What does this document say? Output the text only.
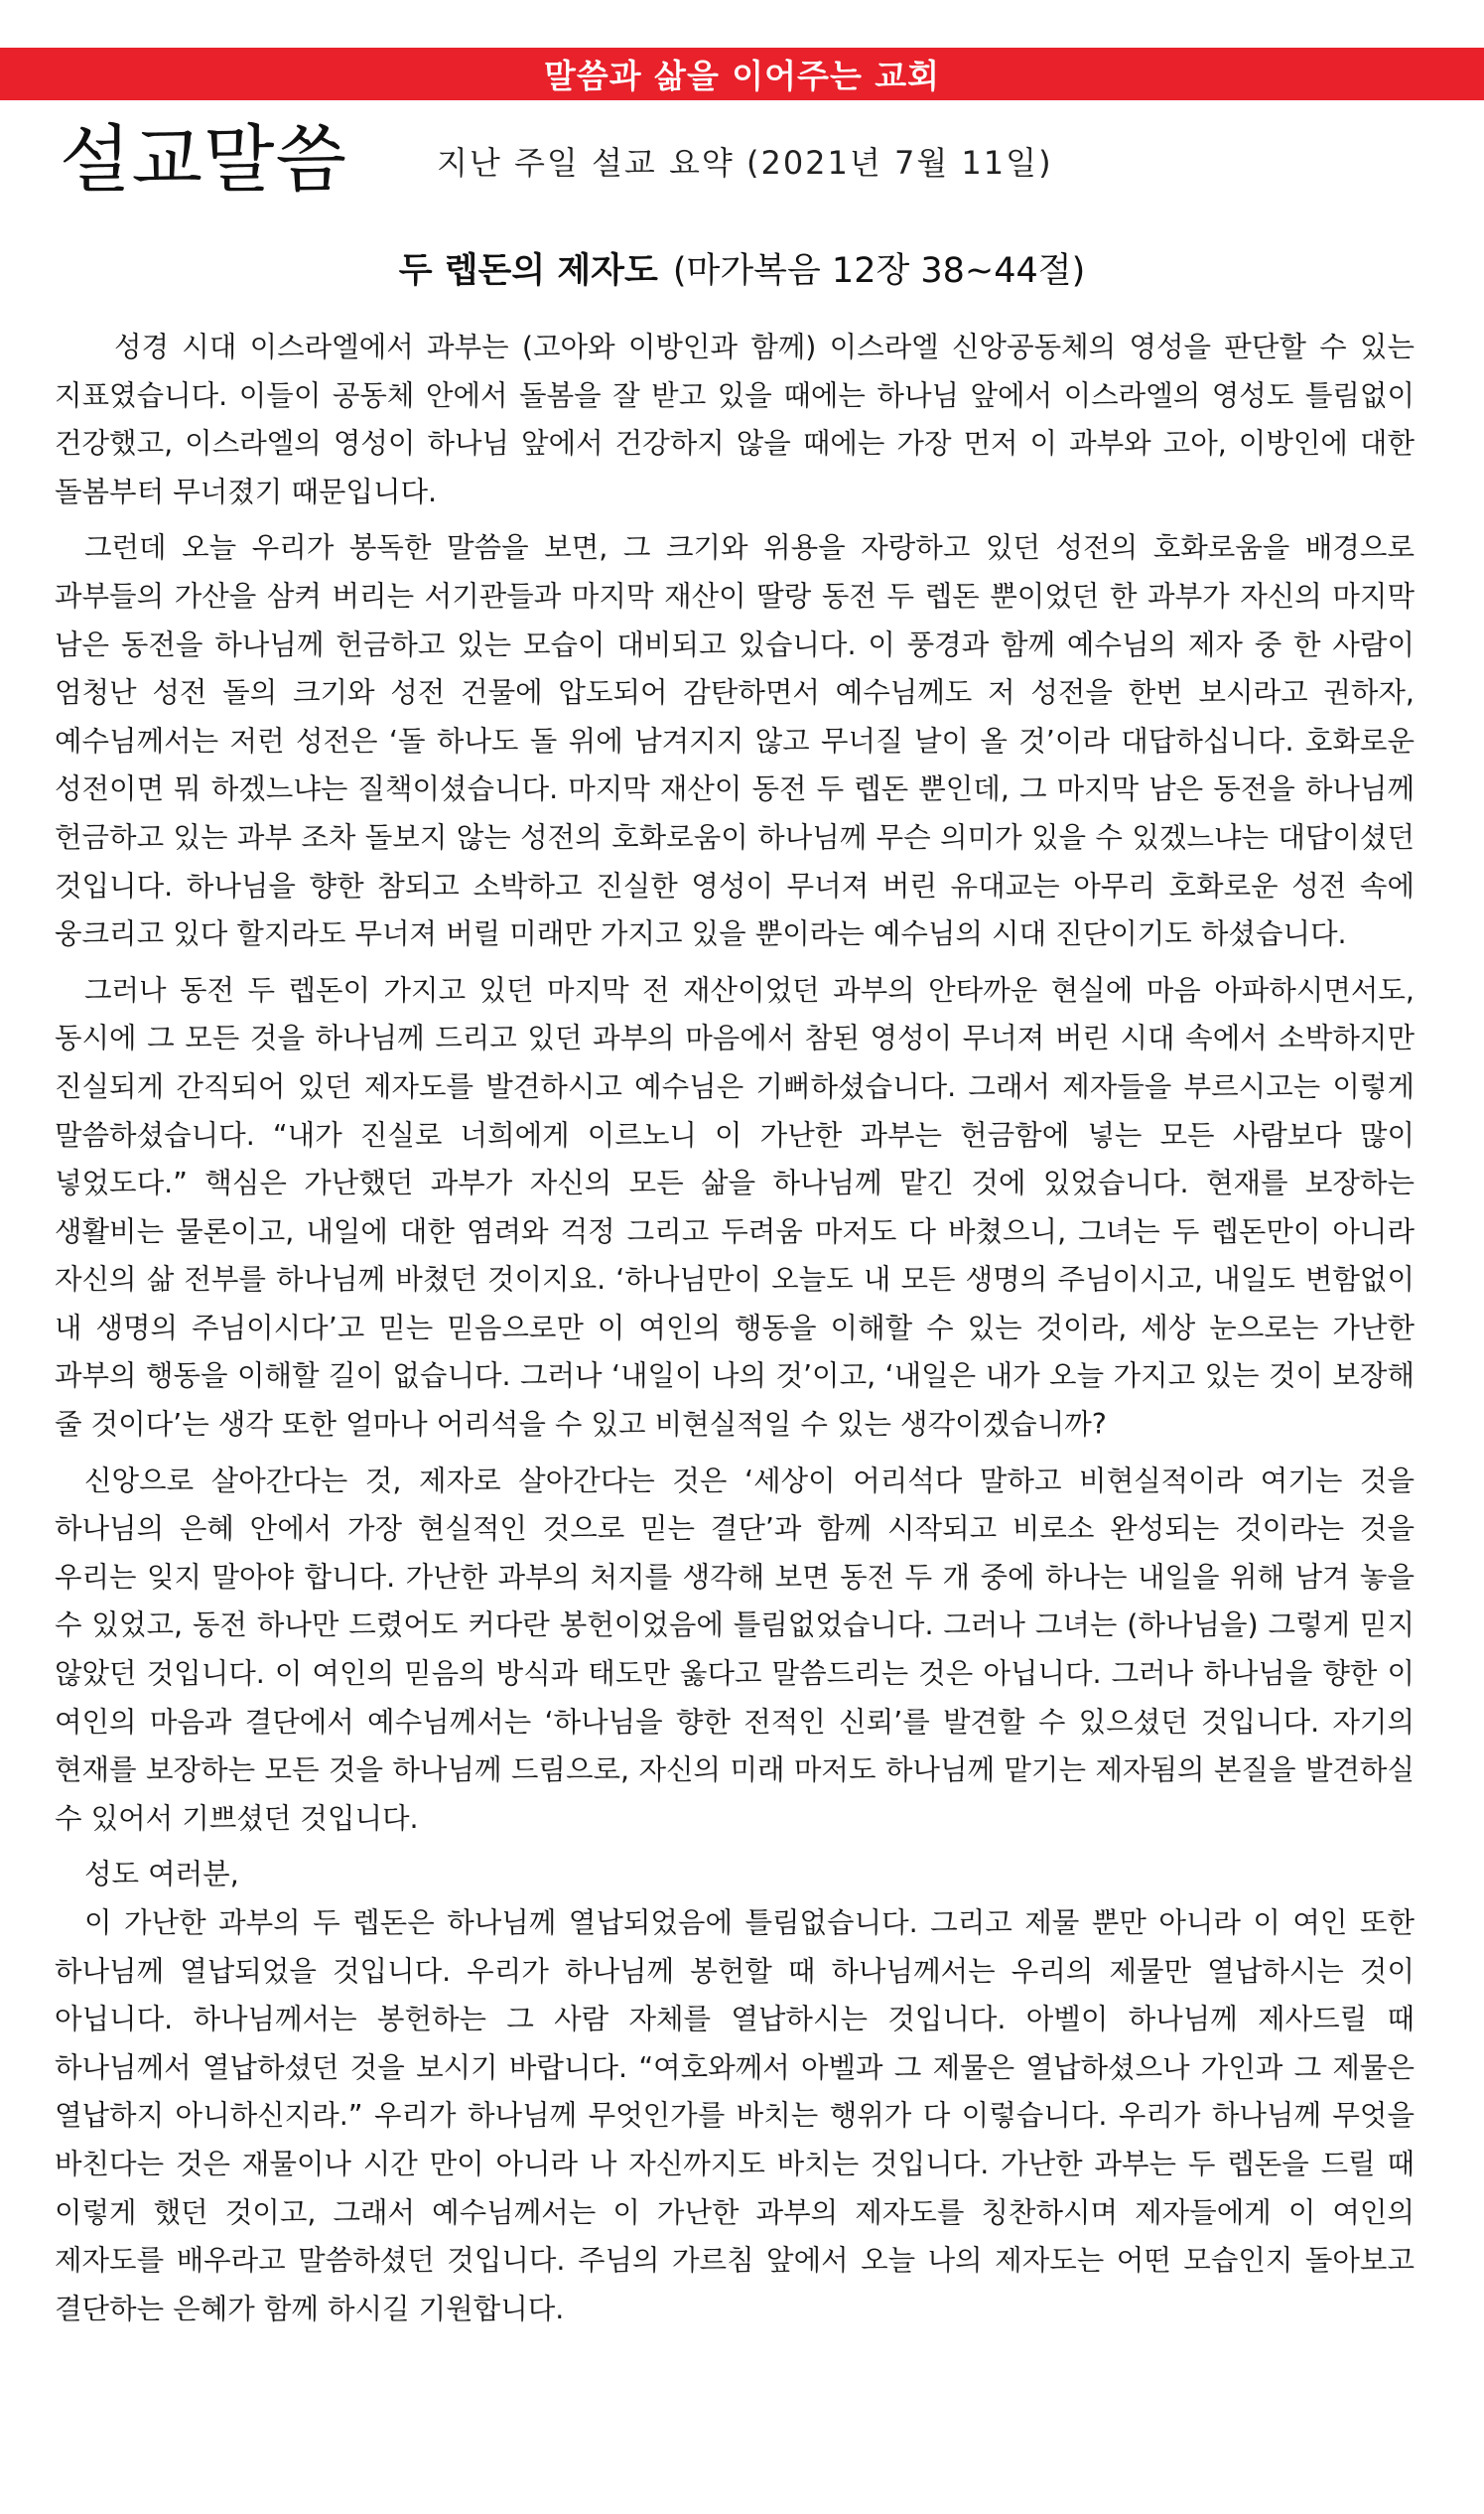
말씀과 삶을 이어주는 교회
설교말씀	지난 주일 설교 요약 (2021년 7월 11일)
두 렙돈의 제자도 (마가복음 12장 38~44절)

성경 시대 이스라엘에서 과부는 (고아와 이방인과 함께) 이스라엘 신앙공동체의 영성을 판단할 수 있는 지표였습니다. 이들이 공동체 안에서 돌봄을 잘 받고 있을 때에는 하나님 앞에서 이스라엘의 영성도 틀림없이 건강했고, 이스라엘의 영성이 하나님 앞에서 건강하지 않을 때에는 가장 먼저 이 과부와 고아, 이방인에 대한 돌봄부터 무너졌기 때문입니다.

그런데 오늘 우리가 봉독한 말씀을 보면, 그 크기와 위용을 자랑하고 있던 성전의 호화로움을 배경으로 과부들의 가산을 삼켜 버리는 서기관들과 마지막 재산이 딸랑 동전 두 렙돈 뿐이었던 한 과부가 자신의 마지막 남은 동전을 하나님께 헌금하고 있는 모습이 대비되고 있습니다. 이 풍경과 함께 예수님의 제자 중 한 사람이 엄청난 성전 돌의 크기와 성전 건물에 압도되어 감탄하면서 예수님께도 저 성전을 한번 보시라고 권하자, 예수님께서는 저런 성전은 ‘돌 하나도 돌 위에 남겨지지 않고 무너질 날이 올 것’이라 대답하십니다. 호화로운 성전이면 뭐 하겠느냐는 질책이셨습니다. 마지막 재산이 동전 두 렙돈 뿐인데, 그 마지막 남은 동전을 하나님께 헌금하고 있는 과부 조차 돌보지 않는 성전의 호화로움이 하나님께 무슨 의미가 있을 수 있겠느냐는 대답이셨던 것입니다. 하나님을 향한 참되고 소박하고 진실한 영성이 무너져 버린 유대교는 아무리 호화로운 성전 속에 웅크리고 있다 할지라도 무너져 버릴 미래만 가지고 있을 뿐이라는 예수님의 시대 진단이기도 하셨습니다.

그러나 동전 두 렙돈이 가지고 있던 마지막 전 재산이었던 과부의 안타까운 현실에 마음 아파하시면서도, 동시에 그 모든 것을 하나님께 드리고 있던 과부의 마음에서 참된 영성이 무너져 버린 시대 속에서 소박하지만 진실되게 간직되어 있던 제자도를 발견하시고 예수님은 기뻐하셨습니다. 그래서 제자들을 부르시고는 이렇게 말씀하셨습니다. “내가 진실로 너희에게 이르노니 이 가난한 과부는 헌금함에 넣는 모든 사람보다 많이 넣었도다.” 핵심은 가난했던 과부가 자신의 모든 삶을 하나님께 맡긴 것에 있었습니다. 현재를 보장하는 생활비는 물론이고, 내일에 대한 염려와 걱정 그리고 두려움 마저도 다 바쳤으니, 그녀는 두 렙돈만이 아니라 자신의 삶 전부를 하나님께 바쳤던 것이지요. ‘하나님만이 오늘도 내 모든 생명의 주님이시고, 내일도 변함없이 내 생명의 주님이시다’고 믿는 믿음으로만 이 여인의 행동을 이해할 수 있는 것이라, 세상 눈으로는 가난한 과부의 행동을 이해할 길이 없습니다. 그러나 ‘내일이 나의 것’이고, ‘내일은 내가 오늘 가지고 있는 것이 보장해 줄 것이다’는 생각 또한 얼마나 어리석을 수 있고 비현실적일 수 있는 생각이겠습니까?

신앙으로 살아간다는 것, 제자로 살아간다는 것은 ‘세상이 어리석다 말하고 비현실적이라 여기는 것을 하나님의 은혜 안에서 가장 현실적인 것으로 믿는 결단’과 함께 시작되고 비로소 완성되는 것이라는 것을 우리는 잊지 말아야 합니다. 가난한 과부의 처지를 생각해 보면 동전 두 개 중에 하나는 내일을 위해 남겨 놓을 수 있었고, 동전 하나만 드렸어도 커다란 봉헌이었음에 틀림없었습니다. 그러나 그녀는 (하나님을) 그렇게 믿지 않았던 것입니다. 이 여인의 믿음의 방식과 태도만 옳다고 말씀드리는 것은 아닙니다. 그러나 하나님을 향한 이 여인의 마음과 결단에서 예수님께서는 ‘하나님을 향한 전적인 신뢰’를 발견할 수 있으셨던 것입니다. 자기의 현재를 보장하는 모든 것을 하나님께 드림으로, 자신의 미래 마저도 하나님께 맡기는 제자됨의 본질을 발견하실 수 있어서 기쁘셨던 것입니다.

성도 여러분,

이 가난한 과부의 두 렙돈은 하나님께 열납되었음에 틀림없습니다. 그리고 제물 뿐만 아니라 이 여인 또한 하나님께 열납되었을 것입니다. 우리가 하나님께 봉헌할 때 하나님께서는 우리의 제물만 열납하시는 것이 아닙니다. 하나님께서는 봉헌하는 그 사람 자체를 열납하시는 것입니다. 아벨이 하나님께 제사드릴 때 하나님께서 열납하셨던 것을 보시기 바랍니다. “여호와께서 아벨과 그 제물은 열납하셨으나 가인과 그 제물은 열납하지 아니하신지라.” 우리가 하나님께 무엇인가를 바치는 행위가 다 이렇습니다. 우리가 하나님께 무엇을 바친다는 것은 재물이나 시간 만이 아니라 나 자신까지도 바치는 것입니다. 가난한 과부는 두 렙돈을 드릴 때 이렇게 했던 것이고, 그래서 예수님께서는 이 가난한 과부의 제자도를 칭찬하시며 제자들에게 이 여인의 제자도를 배우라고 말씀하셨던 것입니다. 주님의 가르침 앞에서 오늘 나의 제자도는 어떤 모습인지 돌아보고 결단하는 은혜가 함께 하시길 기원합니다.
